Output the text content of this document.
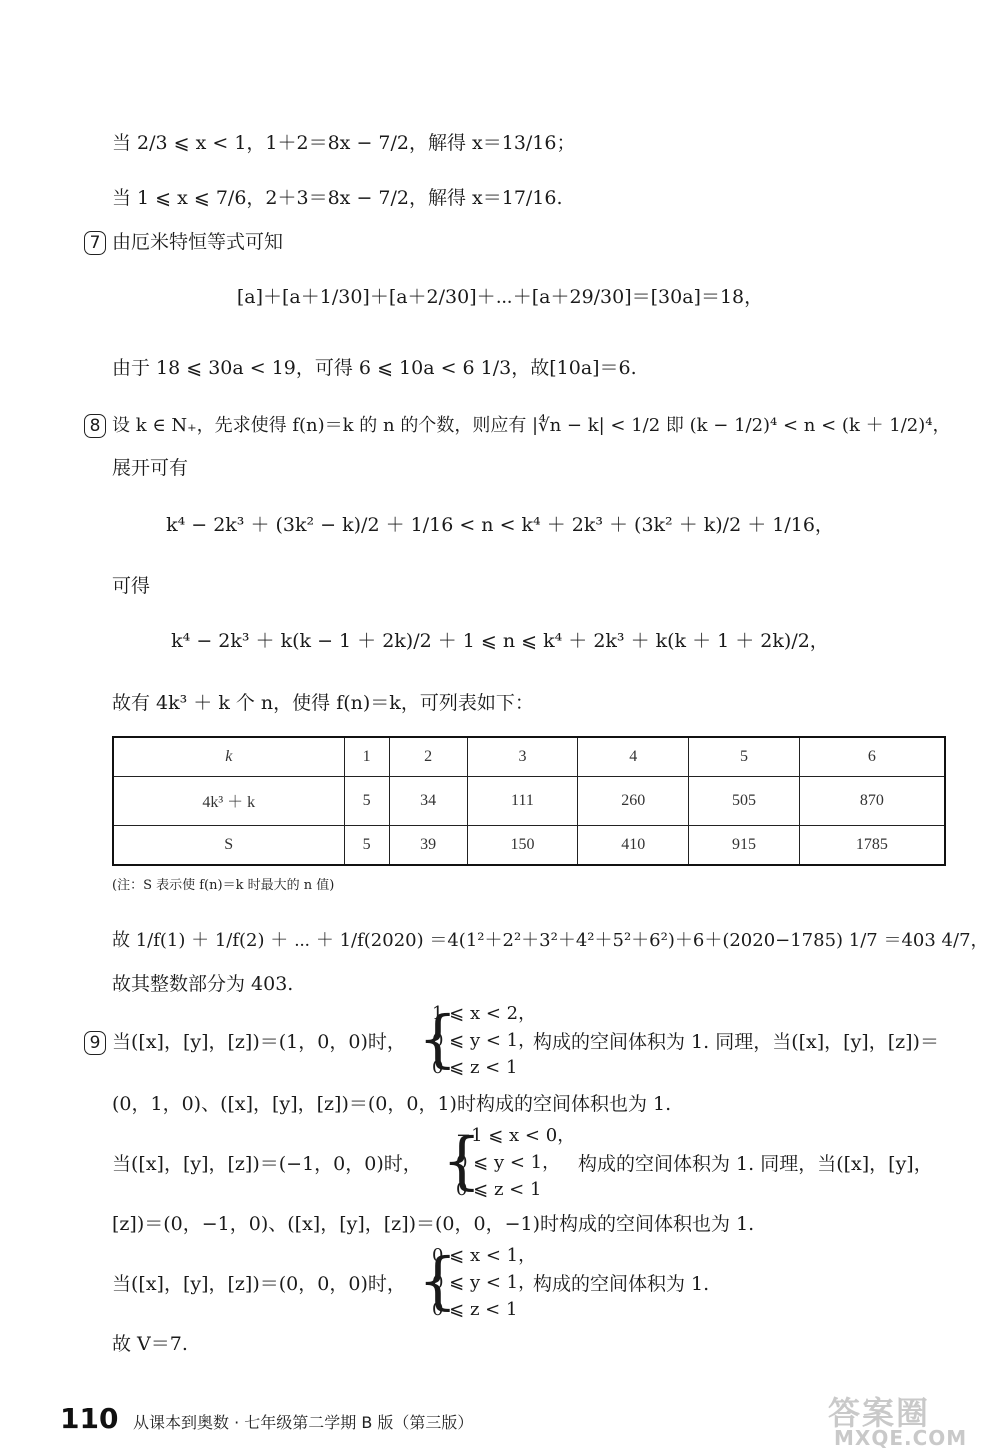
当 2/3 ⩽ x < 1，1＋2＝8x − 7/2，解得 x＝13/16；
当 1 ⩽ x ⩽ 7/6，2＋3＝8x − 7/2，解得 x＝17/16.
7 由厄米特恒等式可知
[a]＋[a＋1/30]＋[a＋2/30]＋⋯＋[a＋29/30]＝[30a]＝18，
由于 18 ⩽ 30a < 19，可得 6 ⩽ 10a < 6 1/3，故[10a]＝6.
8 设 k ∈ N₊，先求使得 f(n)＝k 的 n 的个数，则应有 |∜n − k| < 1/2 即 (k − 1/2)⁴ < n < (k ＋ 1/2)⁴，
展开可有
k⁴ − 2k³ ＋ (3k² − k)/2 ＋ 1/16 < n < k⁴ ＋ 2k³ ＋ (3k² ＋ k)/2 ＋ 1/16，
可得
k⁴ − 2k³ ＋ k(k − 1 ＋ 2k)/2 ＋ 1 ⩽ n ⩽ k⁴ ＋ 2k³ ＋ k(k ＋ 1 ＋ 2k)/2，
故有 4k³ ＋ k 个 n，使得 f(n)＝k，可列表如下：
k	1	2	3	4	5	6
4k³ ＋ k	5	34	111	260	505	870
S	5	39	150	410	915	1785
(注：S 表示使 f(n)＝k 时最大的 n 值)
故 1/f(1) ＋ 1/f(2) ＋ ⋯ ＋ 1/f(2020) ＝4(1²＋2²＋3²＋4²＋5²＋6²)＋6＋(2020−1785) 1/7 ＝403 4/7，
故其整数部分为 403.
9 当([x]，[y]，[z])＝(1，0，0)时， {
1 ⩽ x < 2，
0 ⩽ y < 1，
0 ⩽ z < 1
构成的空间体积为 1. 同理，当([x]，[y]，[z])＝
(0，1，0)、([x]，[y]，[z])＝(0，0，1)时构成的空间体积也为 1.
当([x]，[y]，[z])＝(−1，0，0)时， {
−1 ⩽ x < 0，
0 ⩽ y < 1，
0 ⩽ z < 1
构成的空间体积为 1. 同理，当([x]，[y]，
[z])＝(0，−1，0)、([x]，[y]，[z])＝(0，0，−1)时构成的空间体积也为 1.
当([x]，[y]，[z])＝(0，0，0)时， {
0 ⩽ x < 1，
0 ⩽ y < 1，
0 ⩽ z < 1
构成的空间体积为 1.
故 V＝7.
110 从课本到奥数 · 七年级第二学期 B 版（第三版）	答案圈
MXQE.COM
